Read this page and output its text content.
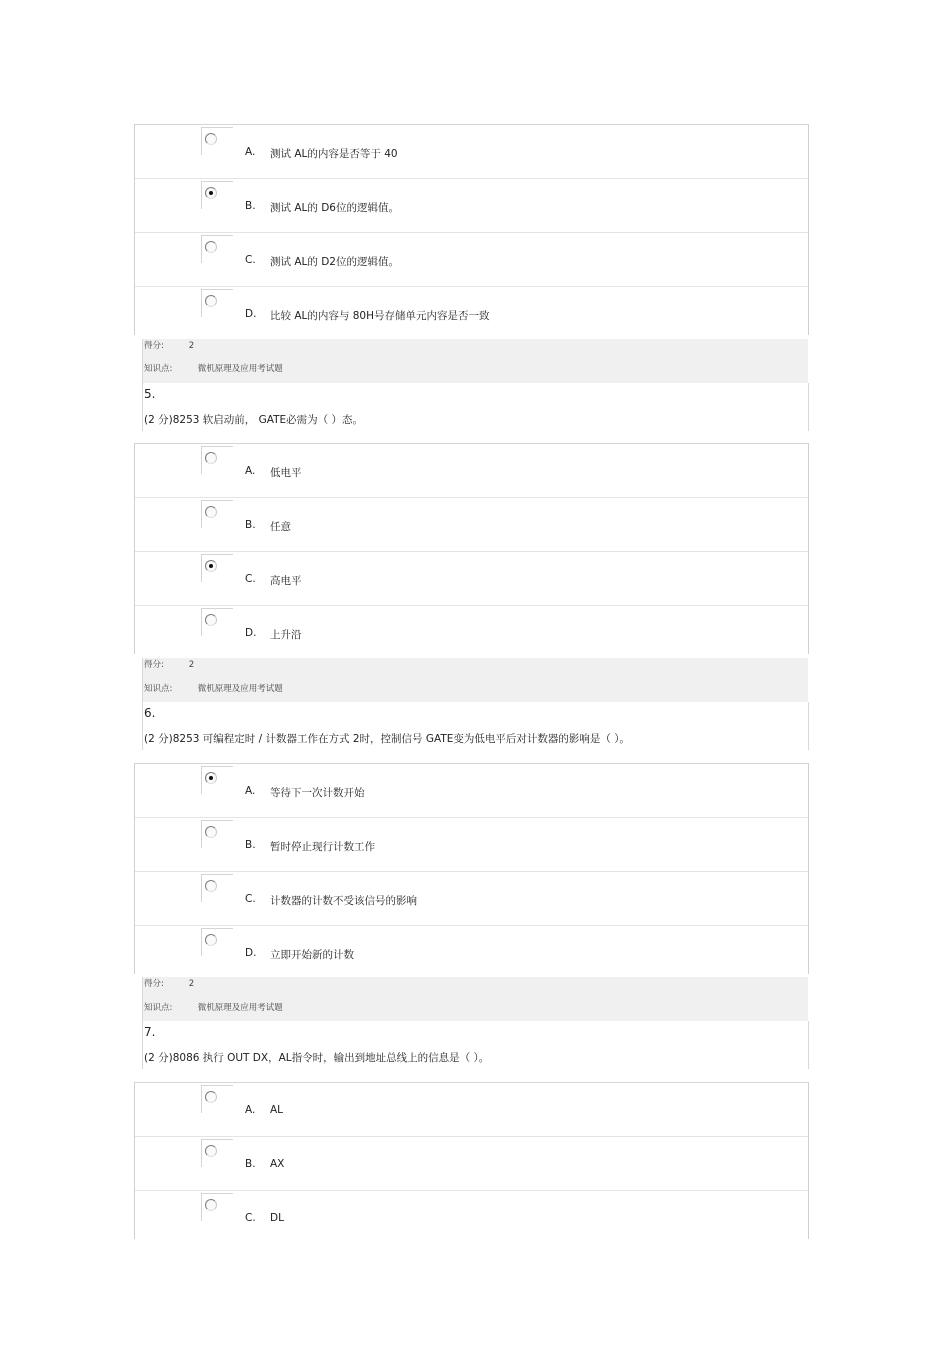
A. 测试 AL的内容是否等于 40
B. 测试 AL的 D6位的逻辑值。
C. 测试 AL的 D2位的逻辑值。
D. 比较 AL的内容与 80H号存储单元内容是否一致
得分:	2
知识点:	微机原理及应用考试题
5.
(2 分)8253 软启动前， GATE必需为（ ）态。
A. 低电平
B. 任意
C. 高电平
D. 上升沿
得分:	2
知识点:	微机原理及应用考试题
6.
(2 分)8253 可编程定时 / 计数器工作在方式 2时，控制信号 GATE变为低电平后对计数器的影响是（ ）。
A. 等待下一次计数开始
B. 暂时停止现行计数工作
C. 计数器的计数不受该信号的影响
D. 立即开始新的计数
得分:	2
知识点:	微机原理及应用考试题
7.
(2 分)8086 执行 OUT DX，AL指令时，输出到地址总线上的信息是（ ）。
A. AL
B. AX
C. DL
